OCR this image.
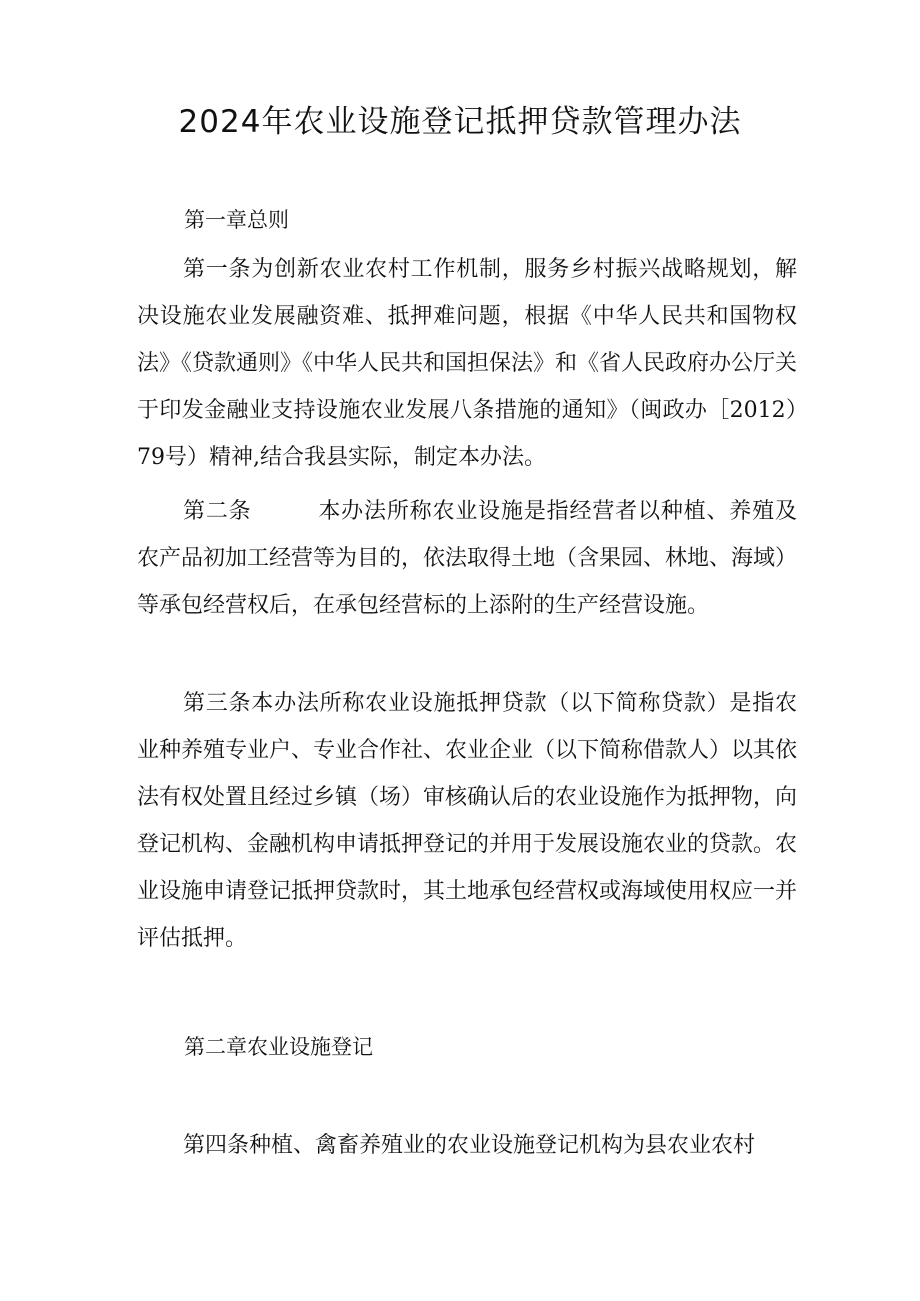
2024年农业设施登记抵押贷款管理办法

第一章总则

第一条为创新农业农村工作机制，服务乡村振兴战略规划，解决设施农业发展融资难、抵押难问题，根据《中华人民共和国物权法》《贷款通则》《中华人民共和国担保法》和《省人民政府办公厅关于印发金融业支持设施农业发展八条措施的通知》（闽政办［2012）79号）精神,结合我县实际，制定本办法。

第二条	本办法所称农业设施是指经营者以种植、养殖及农产品初加工经营等为目的，依法取得土地（含果园、林地、海域）等承包经营权后，在承包经营标的上添附的生产经营设施。

第三条本办法所称农业设施抵押贷款（以下简称贷款）是指农业种养殖专业户、专业合作社、农业企业（以下简称借款人）以其依法有权处置且经过乡镇（场）审核确认后的农业设施作为抵押物，向登记机构、金融机构申请抵押登记的并用于发展设施农业的贷款。农业设施申请登记抵押贷款时，其土地承包经营权或海域使用权应一并评估抵押。

第二章农业设施登记

第四条种植、禽畜养殖业的农业设施登记机构为县农业农村
